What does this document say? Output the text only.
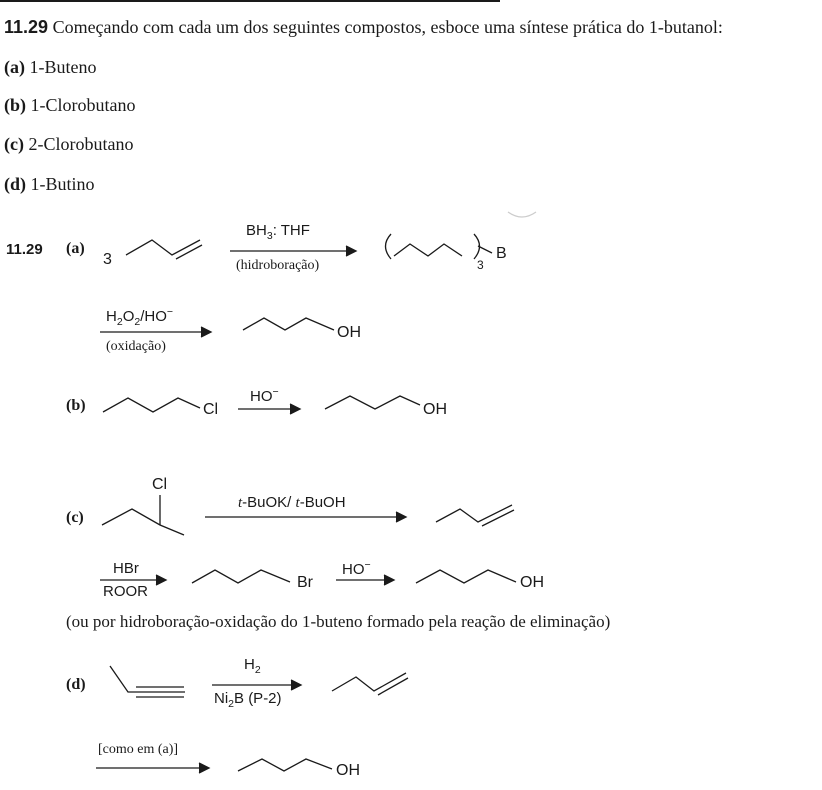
11.29 Começando com cada um dos seguintes compostos, esboce uma síntese prática do 1-butanol:
(a) 1-Buteno
(b) 1-Clorobutano
(c) 2-Clorobutano
(d) 1-Butino
11.29 (a)
3
$BH_3$: THF
(hidroboração)	3
B
$H_2O_2/HO^-$
(oxidação)
OH
(b)	Cl
HO−
OH
(c)
Cl
t-BuOK/ t-BuOH
HBr
ROOR
Br
HO−
OH
(ou por hidroboração-oxidação do 1-buteno formado pela reação de eliminação)
(d)
$H_2$
$Ni_2B$ (P-2)
[como em (a)]
OH
